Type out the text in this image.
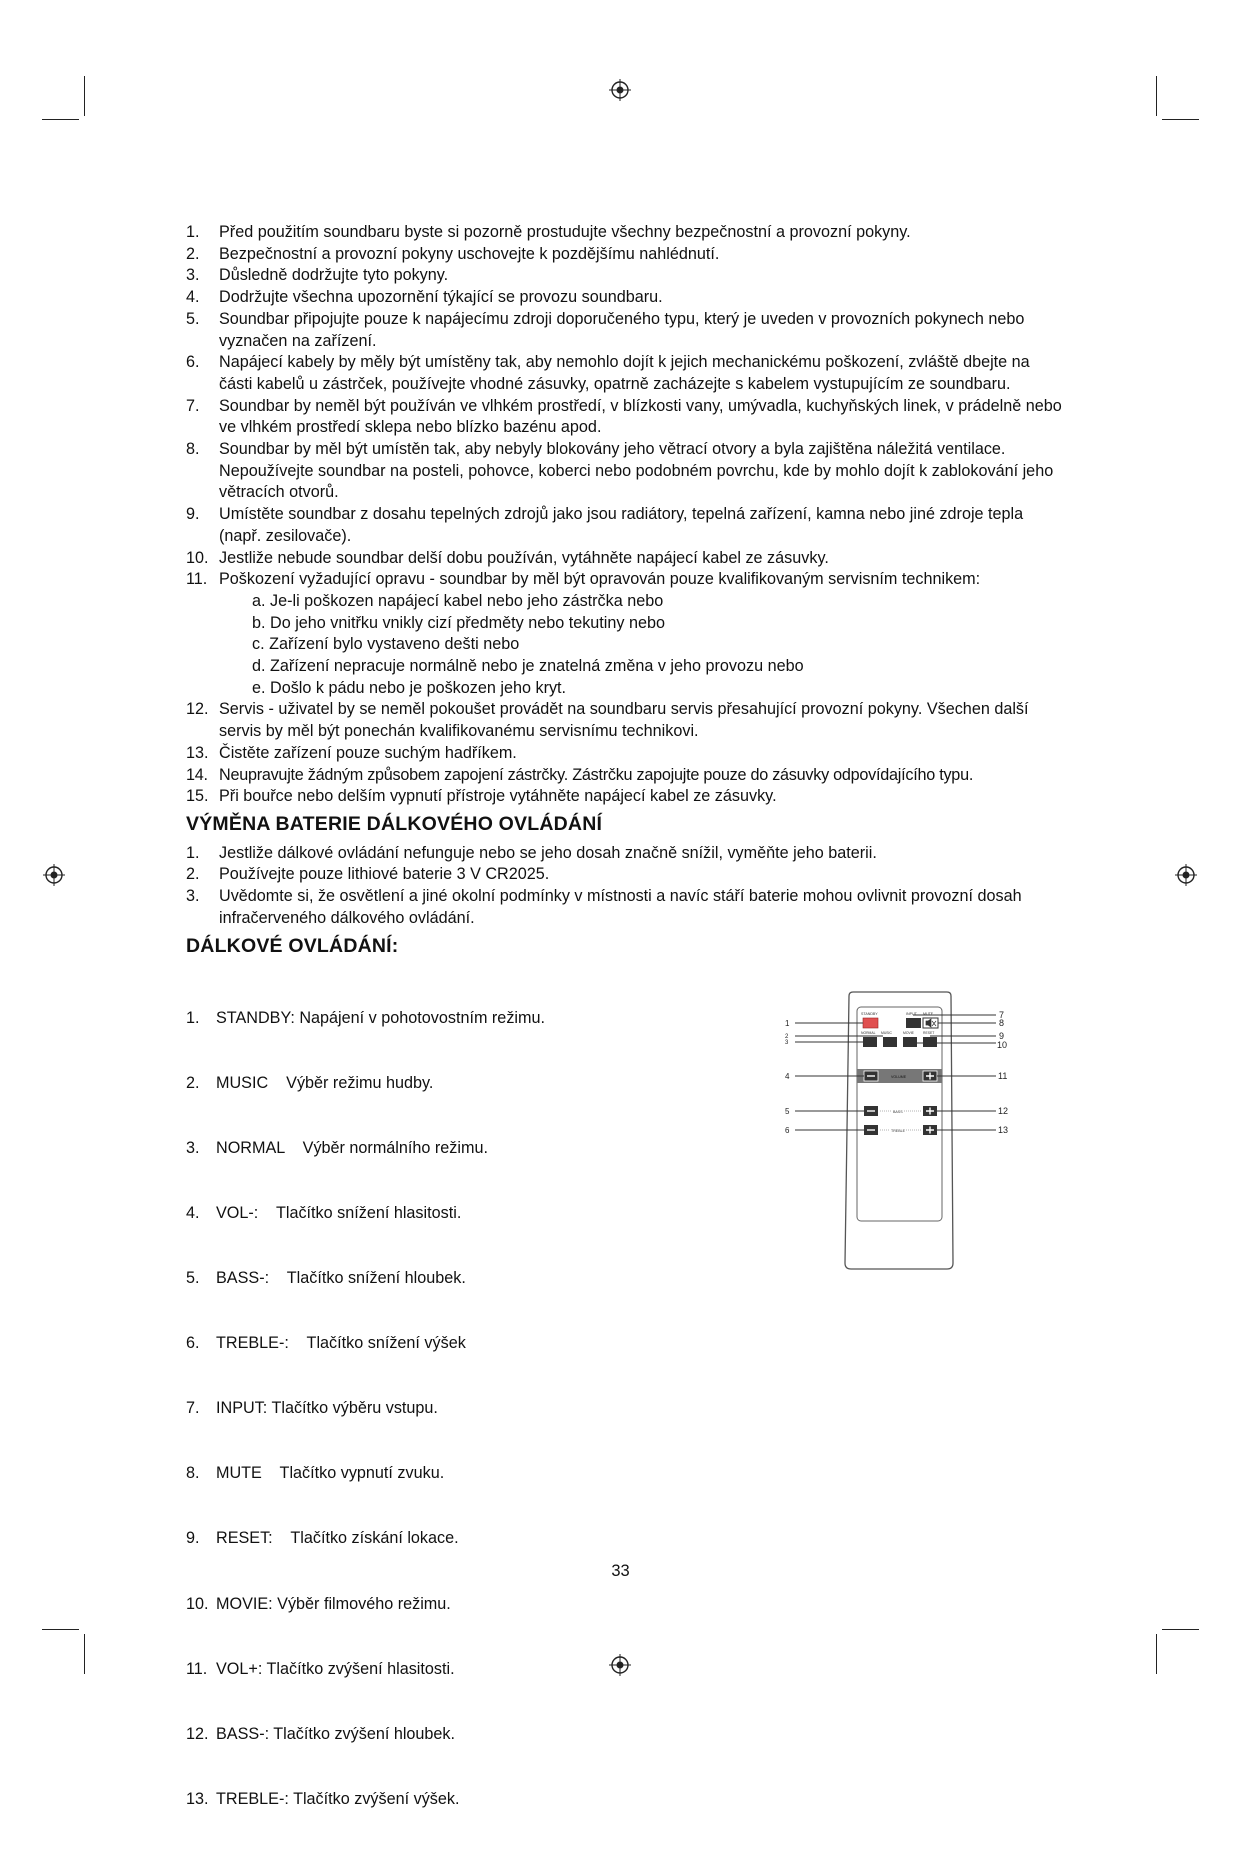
1. Před použitím soundbaru byste si pozorně prostudujte všechny bezpečnostní a provozní pokyny.
2. Bezpečnostní a provozní pokyny uschovejte k pozdějšímu nahlédnutí.
3. Důsledně dodržujte tyto pokyny.
4. Dodržujte všechna upozornění týkající se provozu soundbaru.
5. Soundbar připojujte pouze k napájecímu zdroji doporučeného typu, který je uveden v provozních pokynech nebo vyznačen na zařízení.
6. Napájecí kabely by měly být umístěny tak, aby nemohlo dojít k jejich mechanickému poškození, zvláště dbejte na části kabelů u zástrček, používejte vhodné zásuvky, opatrně zacházejte s kabelem vystupujícím ze soundbaru.
7. Soundbar by neměl být používán ve vlhkém prostředí, v blízkosti vany, umývadla, kuchyňských linek, v prádelně nebo ve vlhkém prostředí sklepa nebo blízko bazénu apod.
8. Soundbar by měl být umístěn tak, aby nebyly blokovány jeho větrací otvory a byla zajištěna náležitá ventilace. Nepoužívejte soundbar na posteli, pohovce, koberci nebo podobném povrchu, kde by mohlo dojít k zablokování jeho větracích otvorů.
9. Umístěte soundbar z dosahu tepelných zdrojů jako jsou radiátory, tepelná zařízení, kamna nebo jiné zdroje tepla (např. zesilovače).
10. Jestliže nebude soundbar delší dobu používán, vytáhněte napájecí kabel ze zásuvky.
11. Poškození vyžadující opravu - soundbar by měl být opravován pouze kvalifikovaným servisním technikem:
a. Je-li poškozen napájecí kabel nebo jeho zástrčka nebo
b. Do jeho vnitřku vnikly cizí předměty nebo tekutiny nebo
c. Zařízení bylo vystaveno dešti nebo
d. Zařízení nepracuje normálně nebo je znatelná změna v jeho provozu nebo
e. Došlo k pádu nebo je poškozen jeho kryt.
12. Servis - uživatel by se neměl pokoušet provádět na soundbaru servis přesahující provozní pokyny. Všechen další servis by měl být ponechán kvalifikovanému servisnímu technikovi.
13. Čistěte zařízení pouze suchým hadříkem.
14. Neupravujte žádným způsobem zapojení zástrčky. Zástrčku zapojujte pouze do zásuvky odpovídajícího typu.
15. Při bouřce nebo delším vypnutí přístroje vytáhněte napájecí kabel ze zásuvky.
VÝMĚNA BATERIE DÁLKOVÉHO OVLÁDÁNÍ
1. Jestliže dálkové ovládání nefunguje nebo se jeho dosah značně snížil, vyměňte jeho baterii.
2. Používejte pouze lithiové baterie 3 V CR2025.
3. Uvědomte si, že osvětlení a jiné okolní podmínky v místnosti a navíc stáří baterie mohou ovlivnit provozní dosah infračerveného dálkového ovládání.
DÁLKOVÉ OVLÁDÁNÍ:

1. STANDBY: Napájení v pohotovostním režimu.

2. MUSIC    Výběr režimu hudby.

3. NORMAL    Výběr normálního režimu.

4. VOL-:    Tlačítko snížení hlasitosti.

5. BASS-:    Tlačítko snížení hloubek.

6. TREBLE-:    Tlačítko snížení výšek

7. INPUT: Tlačítko výběru vstupu.

8. MUTE    Tlačítko vypnutí zvuku.

9. RESET:    Tlačítko získání lokace.

10. MOVIE: Výběr filmového režimu.

11. VOL+: Tlačítko zvýšení hlasitosti.

12. BASS-: Tlačítko zvýšení hloubek.

13. TREBLE-: Tlačítko zvýšení výšek.

STANDBY	INPUT MUTE
NORMAL MUSIC	MOVIE	RESET
VOLUME
BASS
TREBLE
1
2
3
4
5
6
7
8
9
10
11
12
13
33
